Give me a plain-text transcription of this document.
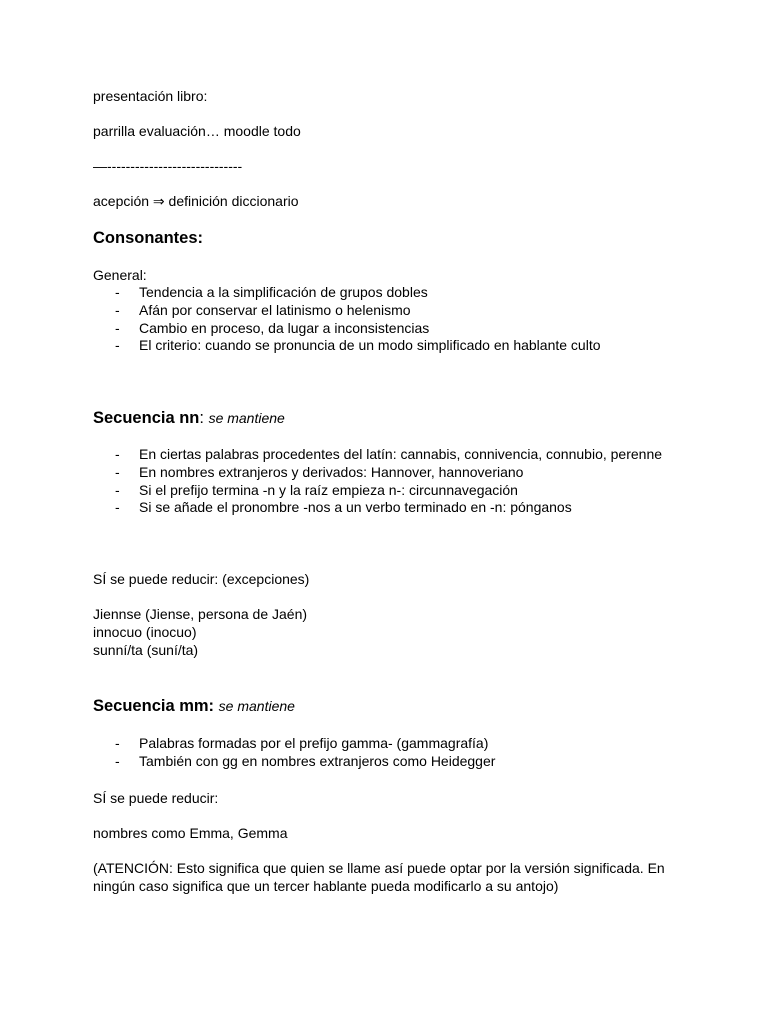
presentación libro:
parrilla evaluación… moodle todo
—-----------------------------
acepción ⇒ definición diccionario
Consonantes:
General:
- Tendencia a la simplificación de grupos dobles
- Afán por conservar el latinismo o helenismo
- Cambio en proceso, da lugar a inconsistencias
- El criterio: cuando se pronuncia de un modo simplificado en hablante culto
Secuencia nn: se mantiene
- En ciertas palabras procedentes del latín: cannabis, connivencia, connubio, perenne
- En nombres extranjeros y derivados: Hannover, hannoveriano
- Si el prefijo termina -n y la raíz empieza n-: circunnavegación
- Si se añade el pronombre -nos a un verbo terminado en -n: pónganos
SÍ se puede reducir: (excepciones)
Jiennse (Jiense, persona de Jaén)
innocuo (inocuo)
sunní/ta (suní/ta)
Secuencia mm: se mantiene
- Palabras formadas por el prefijo gamma- (gammagrafía)
- También con gg en nombres extranjeros como Heidegger
SÍ se puede reducir:
nombres como Emma, Gemma
(ATENCIÓN: Esto significa que quien se llame así puede optar por la versión significada. En ningún caso significa que un tercer hablante pueda modificarlo a su antojo)
